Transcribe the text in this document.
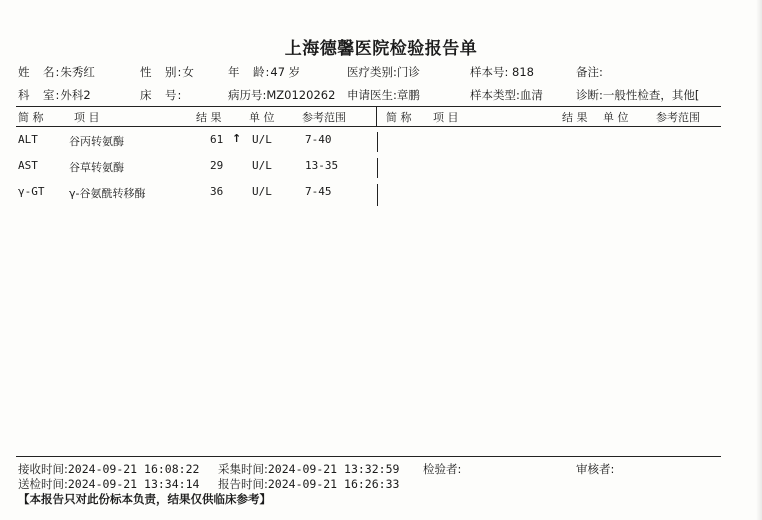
上海德馨医院检验报告单
姓　名:朱秀红	性　别:女	年　龄:47 岁	医疗类别:门诊	样本号: 818	备注:
科　室:外科2	床　号:	病历号:MZ0120262 申请医生:章鹏	样本类型:血清	诊断:一般性检查，其他[
简 称	项 目	结 果	单 位	参考范围	简 称 项 目	结 果 单 位	参考范围
ALT	谷丙转氨酶	61 ↑ U/L	7-40
AST	谷草转氨酶	29	U/L	13-35
γ-GT γ-谷氨酰转移酶	36	U/L	7-45
接收时间:2024-09-21 16:08:22 采集时间:2024-09-21 13:32:59 检验者:	审核者:
送检时间:2024-09-21 13:34:14 报告时间:2024-09-21 16:26:33
【本报告只对此份标本负责，结果仅供临床参考】
